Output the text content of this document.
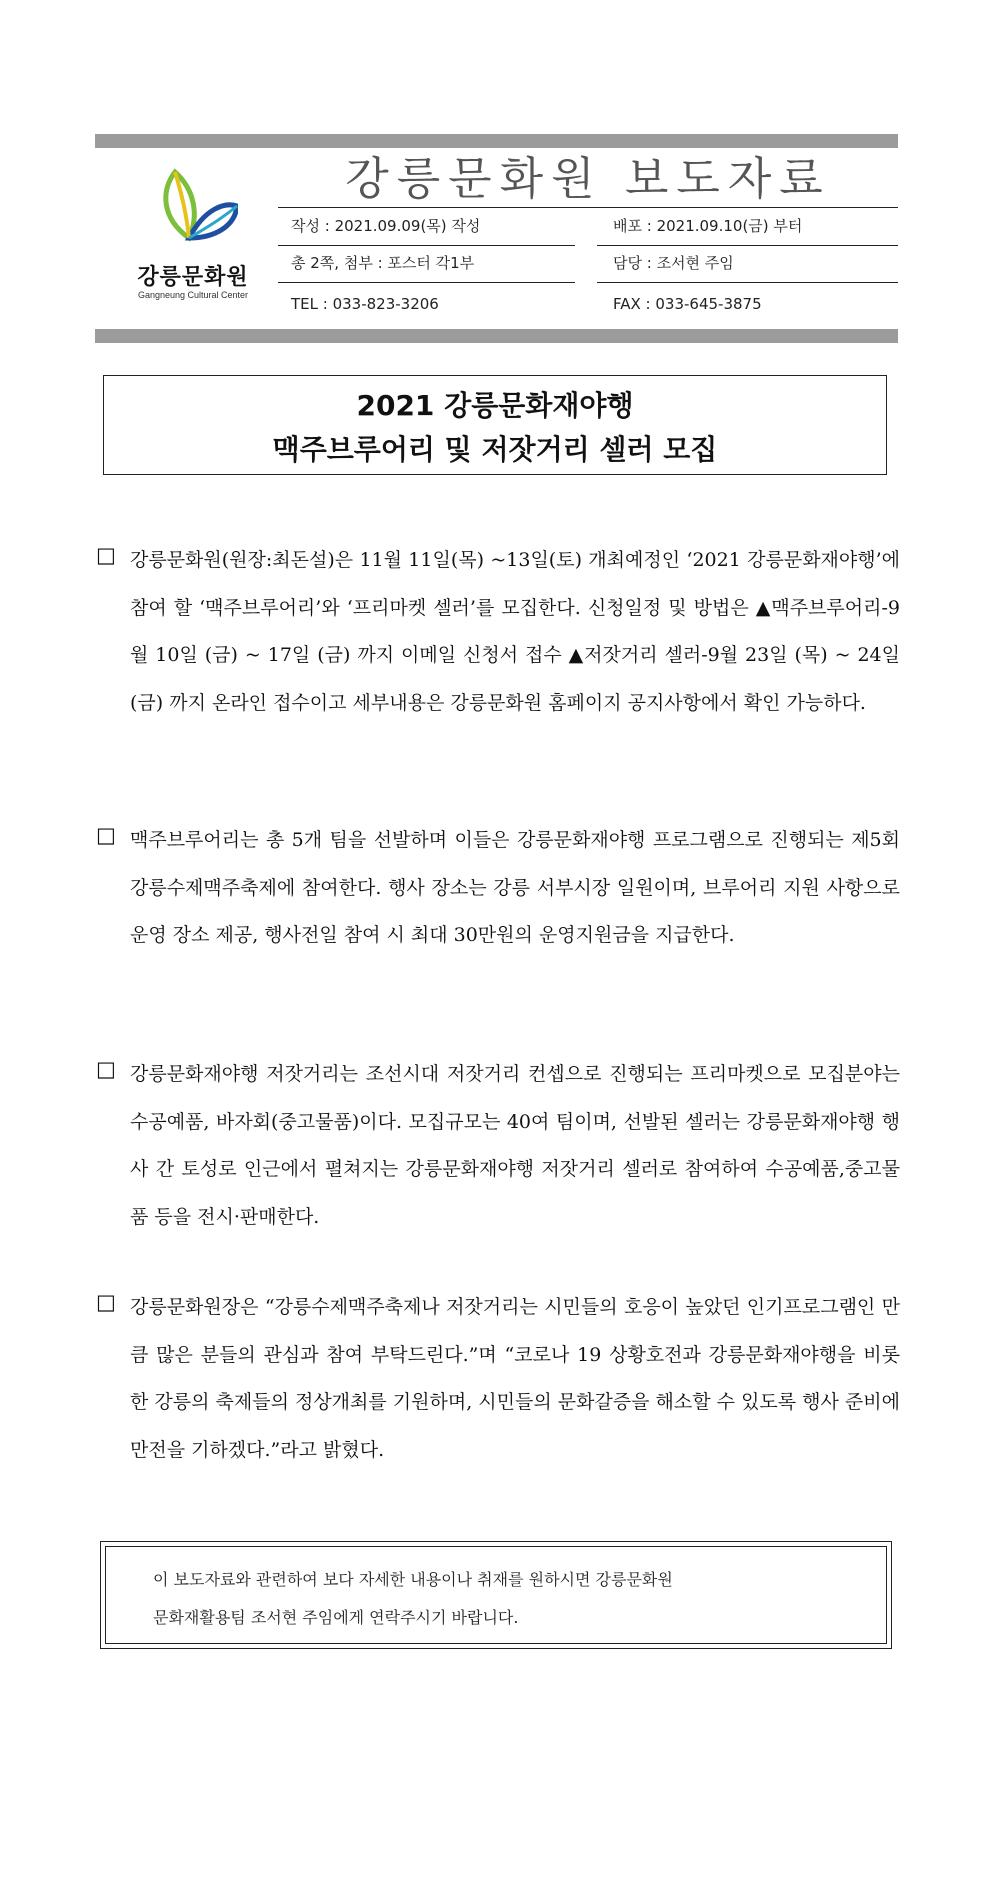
강릉문화원
Gangneung Cultural Center
강릉문화원 보도자료
작성 : 2021.09.09(목) 작성	배포 : 2021.09.10(금) 부터
총 2쪽, 첨부 : 포스터 각1부	담당 : 조서현 주임
TEL : 033-823-3206	FAX : 033-645-3875
2021 강릉문화재야행
맥주브루어리 및 저잣거리 셀러 모집
□ 강릉문화원(원장:최돈설)은 11월 11일(목) ~13일(토) 개최예정인 ‘2021 강릉문화재야행’에 참여 할 ‘맥주브루어리’와 ‘프리마켓 셀러’를 모집한다. 신청일정 및 방법은 ▲맥주브루어리-9월 10일 (금) ~ 17일 (금) 까지 이메일 신청서 접수 ▲저잣거리 셀러-9월 23일 (목) ~ 24일 (금) 까지 온라인 접수이고 세부내용은 강릉문화원 홈페이지 공지사항에서 확인 가능하다.
□ 맥주브루어리는 총 5개 팀을 선발하며 이들은 강릉문화재야행 프로그램으로 진행되는 제5회 강릉수제맥주축제에 참여한다. 행사 장소는 강릉 서부시장 일원이며, 브루어리 지원 사항으로 운영 장소 제공, 행사전일 참여 시 최대 30만원의 운영지원금을 지급한다.
□ 강릉문화재야행 저잣거리는 조선시대 저잣거리 컨셉으로 진행되는 프리마켓으로 모집분야는 수공예품, 바자회(중고물품)이다. 모집규모는 40여 팀이며, 선발된 셀러는 강릉문화재야행 행사 간 토성로 인근에서 펼쳐지는 강릉문화재야행 저잣거리 셀러로 참여하여 수공예품,중고물품 등을 전시·판매한다.
□ 강릉문화원장은 “강릉수제맥주축제나 저잣거리는 시민들의 호응이 높았던 인기프로그램인 만큼 많은 분들의 관심과 참여 부탁드린다.”며 “코로나 19 상황호전과 강릉문화재야행을 비롯한 강릉의 축제들의 정상개최를 기원하며, 시민들의 문화갈증을 해소할 수 있도록 행사 준비에 만전을 기하겠다.”라고 밝혔다.
이 보도자료와 관련하여 보다 자세한 내용이나 취재를 원하시면 강릉문화원
문화재활용팀 조서현 주임에게 연락주시기 바랍니다.
